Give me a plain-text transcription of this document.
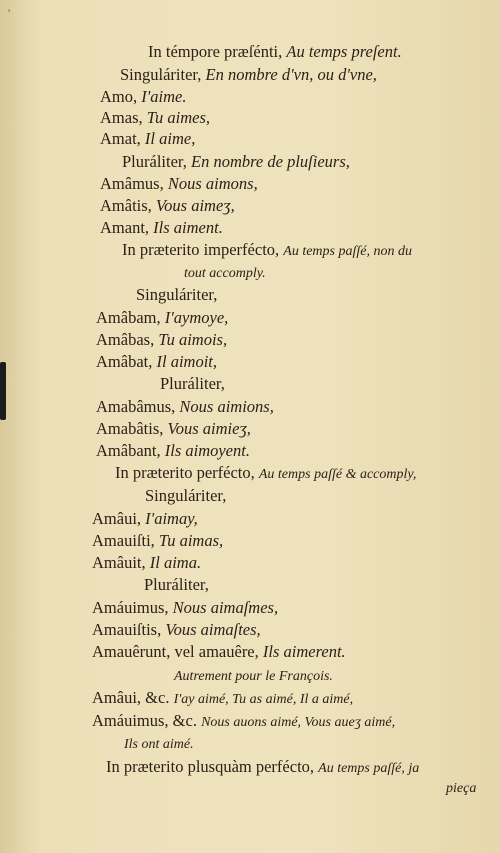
'
In témpore præſénti, Au temps preſent.
Singuláriter, En nombre d'vn, ou d'vne,
Amo, I'aime.
Amas, Tu aimes,
Amat, Il aime,
Pluráliter, En nombre de pluſieurs,
Amâmus, Nous aimons,
Amâtis, Vous aimeʒ,
Amant, Ils aiment.
In præterito imperfécto, Au temps paſſé, non du
tout accomply.
Singuláriter,
Amâbam, I'aymoye,
Amâbas, Tu aimois,
Amâbat, Il aimoit,
Pluráliter,
Amabâmus, Nous aimions,
Amabâtis, Vous aimieʒ,
Amâbant, Ils aimoyent.
In præterito perfécto, Au temps paſſé & accomply,
Singuláriter,
Amâui, I'aimay,
Amauiſti, Tu aimas,
Amâuit, Il aima.
Pluráliter,
Amáuimus, Nous aimaſmes,
Amauiſtis, Vous aimaſtes,
Amauêrunt, vel amauêre, Ils aimerent.
Autrement pour le François.
Amâui, &c. I'ay aimé, Tu as aimé, Il a aimé,
Amáuimus, &c. Nous auons aimé, Vous aueʒ aimé,
Ils ont aimé.
In præterito plusquàm perfécto, Au temps paſſé, ja
pieça
